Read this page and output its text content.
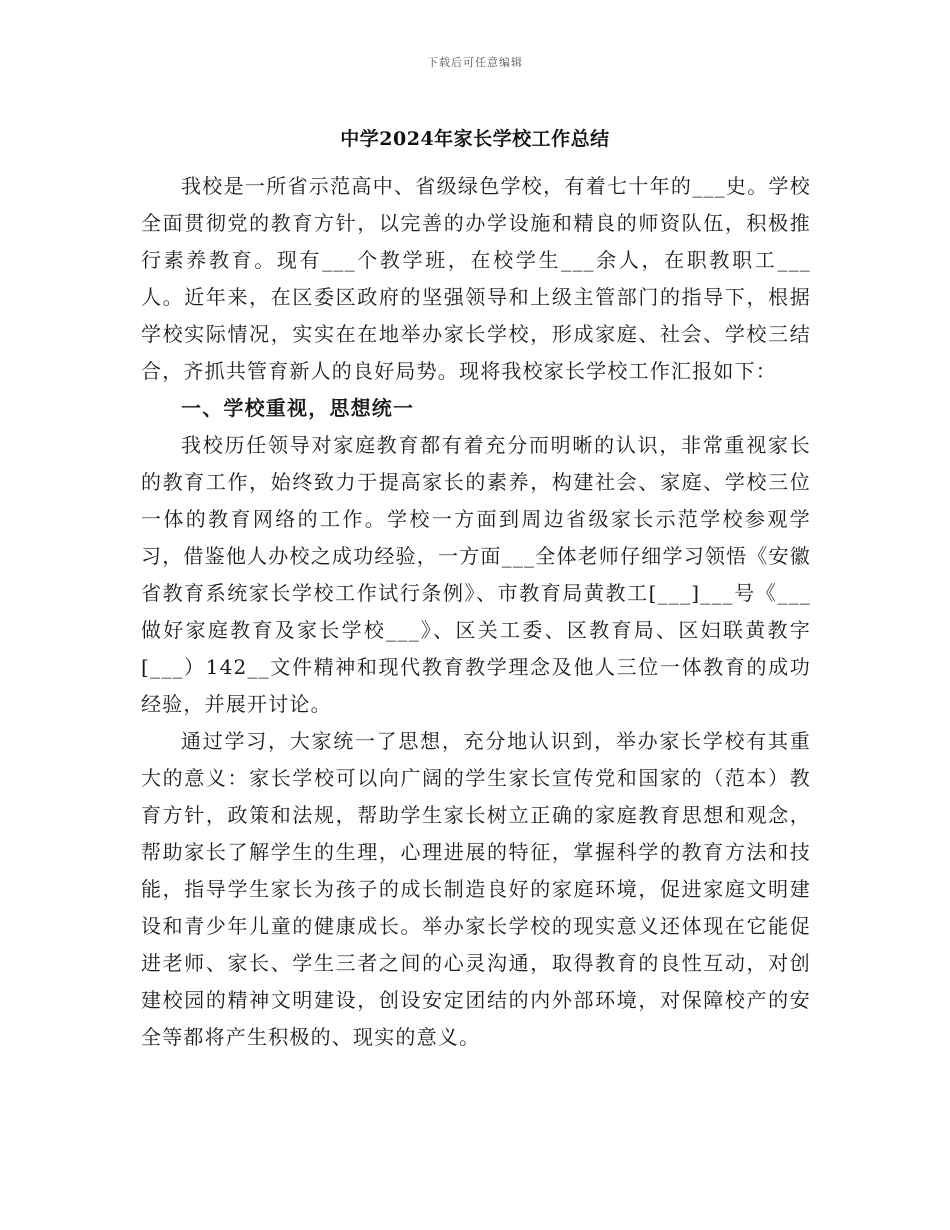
下载后可任意编辑
中学2024年家长学校工作总结

我校是一所省示范高中、省级绿色学校，有着七十年的___史。学校全面贯彻党的教育方针，以完善的办学设施和精良的师资队伍，积极推行素养教育。现有___个教学班，在校学生___余人，在职教职工___人。近年来，在区委区政府的坚强领导和上级主管部门的指导下，根据学校实际情况，实实在在地举办家长学校，形成家庭、社会、学校三结合，齐抓共管育新人的良好局势。现将我校家长学校工作汇报如下：

一、学校重视，思想统一

我校历任领导对家庭教育都有着充分而明晰的认识，非常重视家长的教育工作，始终致力于提高家长的素养，构建社会、家庭、学校三位一体的教育网络的工作。学校一方面到周边省级家长示范学校参观学习，借鉴他人办校之成功经验，一方面___全体老师仔细学习领悟《安徽省教育系统家长学校工作试行条例》、市教育局黄教工[___]___号《___做好家庭教育及家长学校___》、区关工委、区教育局、区妇联黄教字[___）142__文件精神和现代教育教学理念及他人三位一体教育的成功经验，并展开讨论。

通过学习，大家统一了思想，充分地认识到，举办家长学校有其重大的意义：家长学校可以向广阔的学生家长宣传党和国家的（范本）教育方针，政策和法规，帮助学生家长树立正确的家庭教育思想和观念，帮助家长了解学生的生理，心理进展的特征，掌握科学的教育方法和技能，指导学生家长为孩子的成长制造良好的家庭环境，促进家庭文明建设和青少年儿童的健康成长。举办家长学校的现实意义还体现在它能促进老师、家长、学生三者之间的心灵沟通，取得教育的良性互动，对创建校园的精神文明建设，创设安定团结的内外部环境，对保障校产的安全等都将产生积极的、现实的意义。
